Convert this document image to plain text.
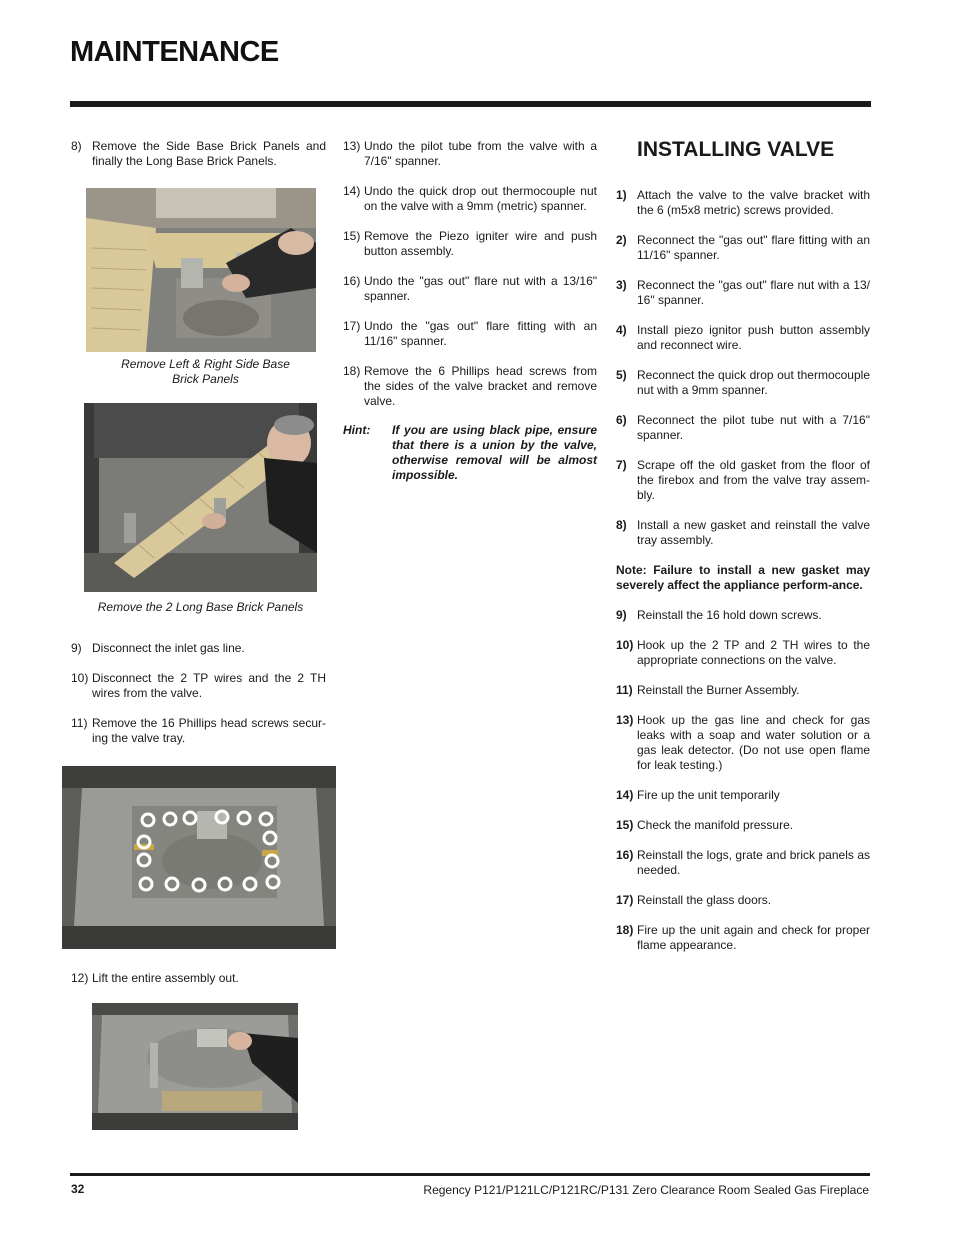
MAINTENANCE

8) Remove the Side Base Brick Panels and finally the Long Base Brick Panels.

Remove Left & Right Side Base Brick Panels
Remove the 2 Long Base Brick Panels

9) Disconnect the inlet gas line.

10) Disconnect the 2 TP wires and the 2 TH wires from the valve.

11) Remove the 16 Phillips head screws secur-ing the valve tray.

12) Lift the entire assembly out.

13) Undo the pilot tube from the valve with a 7/16" spanner.

14) Undo the quick drop out thermocouple nut on the valve with a 9mm (metric) spanner.

15) Remove the Piezo igniter wire and push button assembly.

16) Undo the "gas out" flare nut with a 13/16" spanner.

17) Undo the "gas out" flare fitting with an 11/16" spanner.

18) Remove the 6 Phillips head screws from the sides of the valve bracket and remove valve.

Hint: If you are using black pipe, ensure that there is a union by the valve, otherwise removal will be almost impossible.
INSTALLING VALVE

1) Attach the valve to the valve bracket with the 6 (m5x8 metric) screws provided.

2) Reconnect the "gas out" flare fitting with an 11/16" spanner.

3) Reconnect the "gas out" flare nut with a 13/ 16" spanner.

4) Install piezo ignitor push button assembly and reconnect wire.

5) Reconnect the quick drop out thermocouple nut with a 9mm spanner.

6) Reconnect the pilot tube nut with a 7/16" spanner.

7) Scrape off the old gasket from the floor of the firebox and from the valve tray assem-bly.

8) Install a new gasket and reinstall the valve tray assembly.

Note: Failure to install a new gasket may severely affect the appliance perform-ance.

9) Reinstall the 16 hold down screws.

10) Hook up the 2 TP and 2 TH wires to the appropriate connections on the valve.

11) Reinstall the Burner Assembly.

13) Hook up the gas line and check for gas leaks with a soap and water solution or a gas leak detector. (Do not use open flame for leak testing.)

14) Fire up the unit temporarily

15) Check the manifold pressure.

16) Reinstall the logs, grate and brick panels as needed.

17) Reinstall the glass doors.

18) Fire up the unit again and check for proper flame appearance.

32	Regency P121/P121LC/P121RC/P131 Zero Clearance Room Sealed Gas Fireplace
